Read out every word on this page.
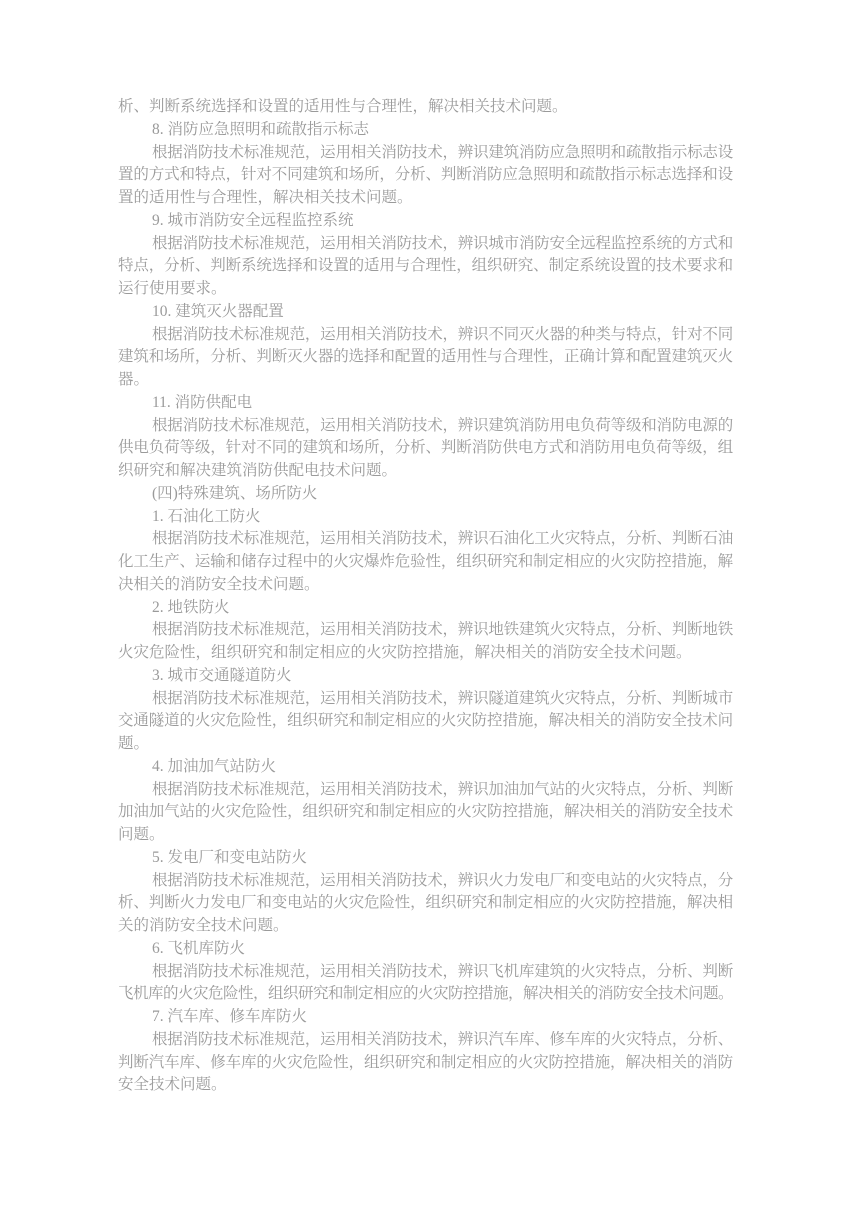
析、判断系统选择和设置的适用性与合理性，解决相关技术问题。
8. 消防应急照明和疏散指示标志
根据消防技术标准规范，运用相关消防技术，辨识建筑消防应急照明和疏散指示标志设
置的方式和特点，针对不同建筑和场所，分析、判断消防应急照明和疏散指示标志选择和设
置的适用性与合理性，解决相关技术问题。
9. 城市消防安全远程监控系统
根据消防技术标准规范，运用相关消防技术，辨识城市消防安全远程监控系统的方式和
特点，分析、判断系统选择和设置的适用与合理性，组织研究、制定系统设置的技术要求和
运行使用要求。
10. 建筑灭火器配置
根据消防技术标准规范，运用相关消防技术，辨识不同灭火器的种类与特点，针对不同
建筑和场所，分析、判断灭火器的选择和配置的适用性与合理性，正确计算和配置建筑灭火
器。
11. 消防供配电
根据消防技术标准规范，运用相关消防技术，辨识建筑消防用电负荷等级和消防电源的
供电负荷等级，针对不同的建筑和场所，分析、判断消防供电方式和消防用电负荷等级，组
织研究和解决建筑消防供配电技术问题。
(四)特殊建筑、场所防火
1. 石油化工防火
根据消防技术标准规范，运用相关消防技术，辨识石油化工火灾特点，分析、判断石油
化工生产、运输和储存过程中的火灾爆炸危验性，组织研究和制定相应的火灾防控措施，解
决相关的消防安全技术问题。
2. 地铁防火
根据消防技术标准规范，运用相关消防技术，辨识地铁建筑火灾特点，分析、判断地铁
火灾危险性，组织研究和制定相应的火灾防控措施，解决相关的消防安全技术问题。
3. 城市交通隧道防火
根据消防技术标准规范，运用相关消防技术，辨识隧道建筑火灾特点，分析、判断城市
交通隧道的火灾危险性，组织研究和制定相应的火灾防控措施，解决相关的消防安全技术问
题。
4. 加油加气站防火
根据消防技术标准规范，运用相关消防技术，辨识加油加气站的火灾特点，分析、判断
加油加气站的火灾危险性，组织研究和制定相应的火灾防控措施，解决相关的消防安全技术
问题。
5. 发电厂和变电站防火
根据消防技术标准规范，运用相关消防技术，辨识火力发电厂和变电站的火灾特点，分
析、判断火力发电厂和变电站的火灾危险性，组织研究和制定相应的火灾防控措施，解决相
关的消防安全技术问题。
6. 飞机库防火
根据消防技术标准规范，运用相关消防技术，辨识飞机库建筑的火灾特点，分析、判断
飞机库的火灾危险性，组织研究和制定相应的火灾防控措施，解决相关的消防安全技术问题。
7. 汽车库、修车库防火
根据消防技术标准规范，运用相关消防技术，辨识汽车库、修车库的火灾特点，分析、
判断汽车库、修车库的火灾危险性，组织研究和制定相应的火灾防控措施，解决相关的消防
安全技术问题。
